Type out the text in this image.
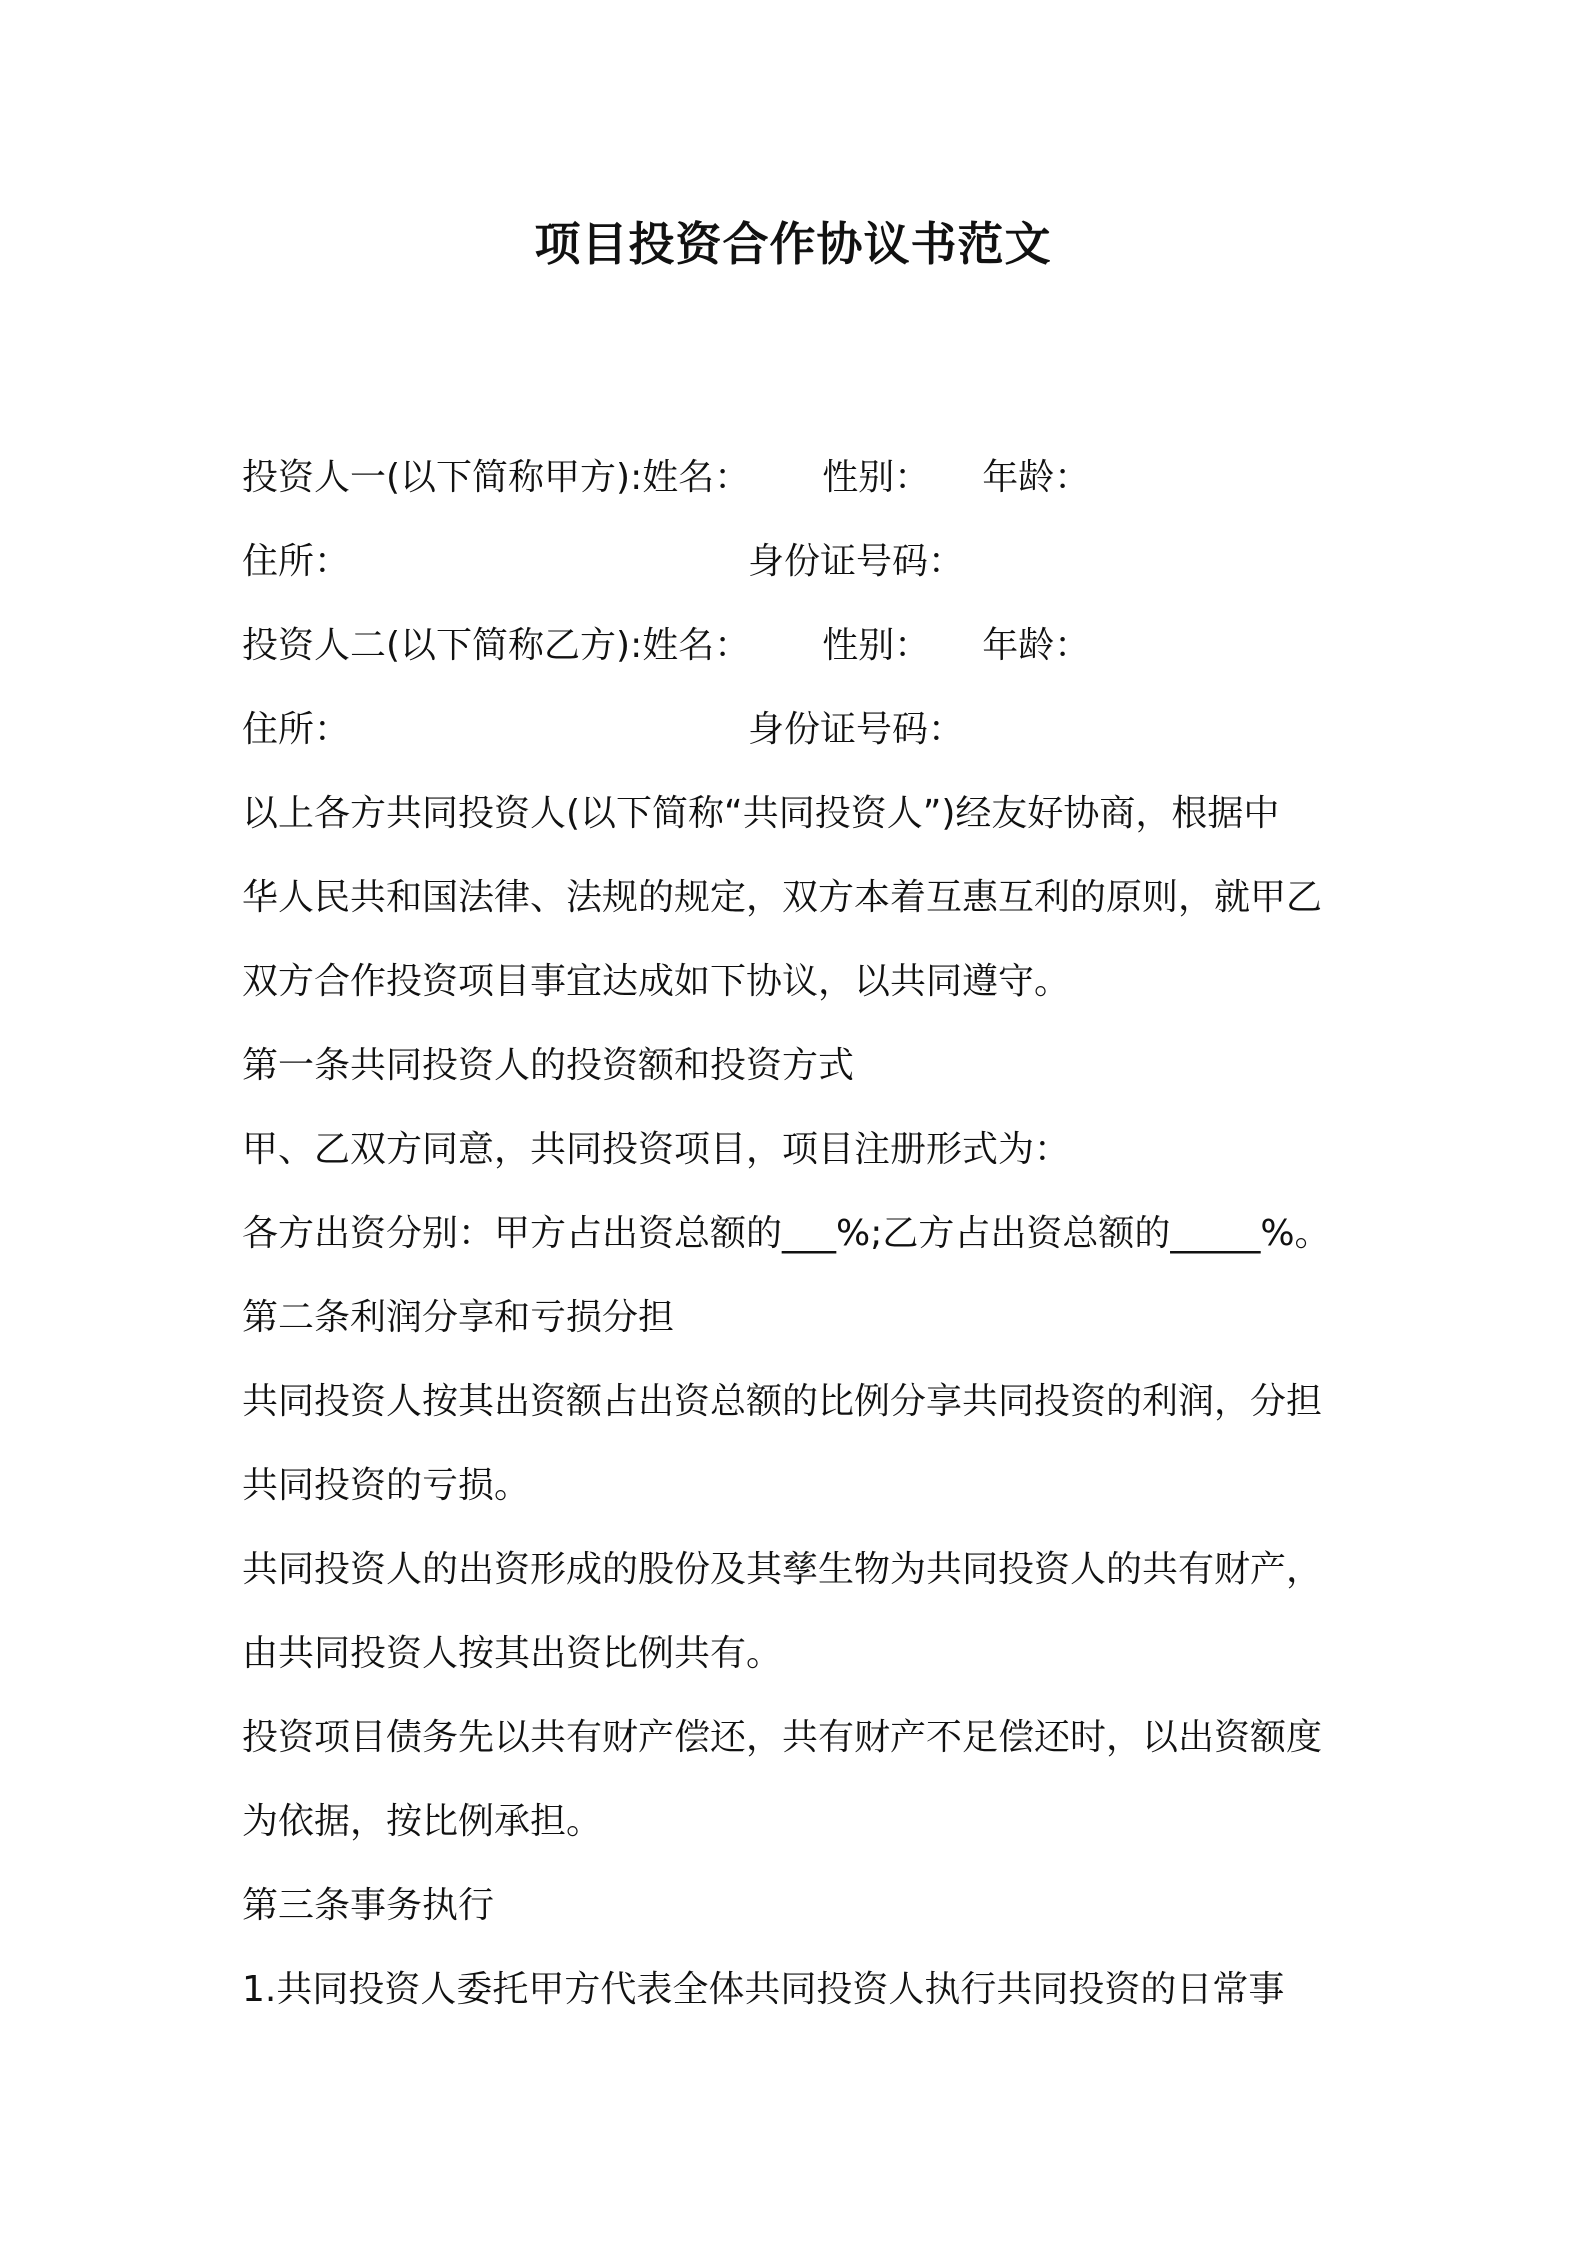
项目投资合作协议书范文
投资人一(以下简称甲方):姓名： 性别： 年龄：
住所：	身份证号码：
投资人二(以下简称乙方):姓名： 性别： 年龄：
住所：	身份证号码：
以上各方共同投资人(以下简称“共同投资人”)经友好协商，根据中
华人民共和国法律、法规的规定，双方本着互惠互利的原则，就甲乙
双方合作投资项目事宜达成如下协议，以共同遵守。
第一条共同投资人的投资额和投资方式
甲、乙双方同意，共同投资项目，项目注册形式为：
各方出资分别：甲方占出资总额的___%;乙方占出资总额的_____%。
第二条利润分享和亏损分担
共同投资人按其出资额占出资总额的比例分享共同投资的利润，分担
共同投资的亏损。
共同投资人的出资形成的股份及其孳生物为共同投资人的共有财产，
由共同投资人按其出资比例共有。
投资项目债务先以共有财产偿还，共有财产不足偿还时，以出资额度
为依据，按比例承担。
第三条事务执行
1.共同投资人委托甲方代表全体共同投资人执行共同投资的日常事
